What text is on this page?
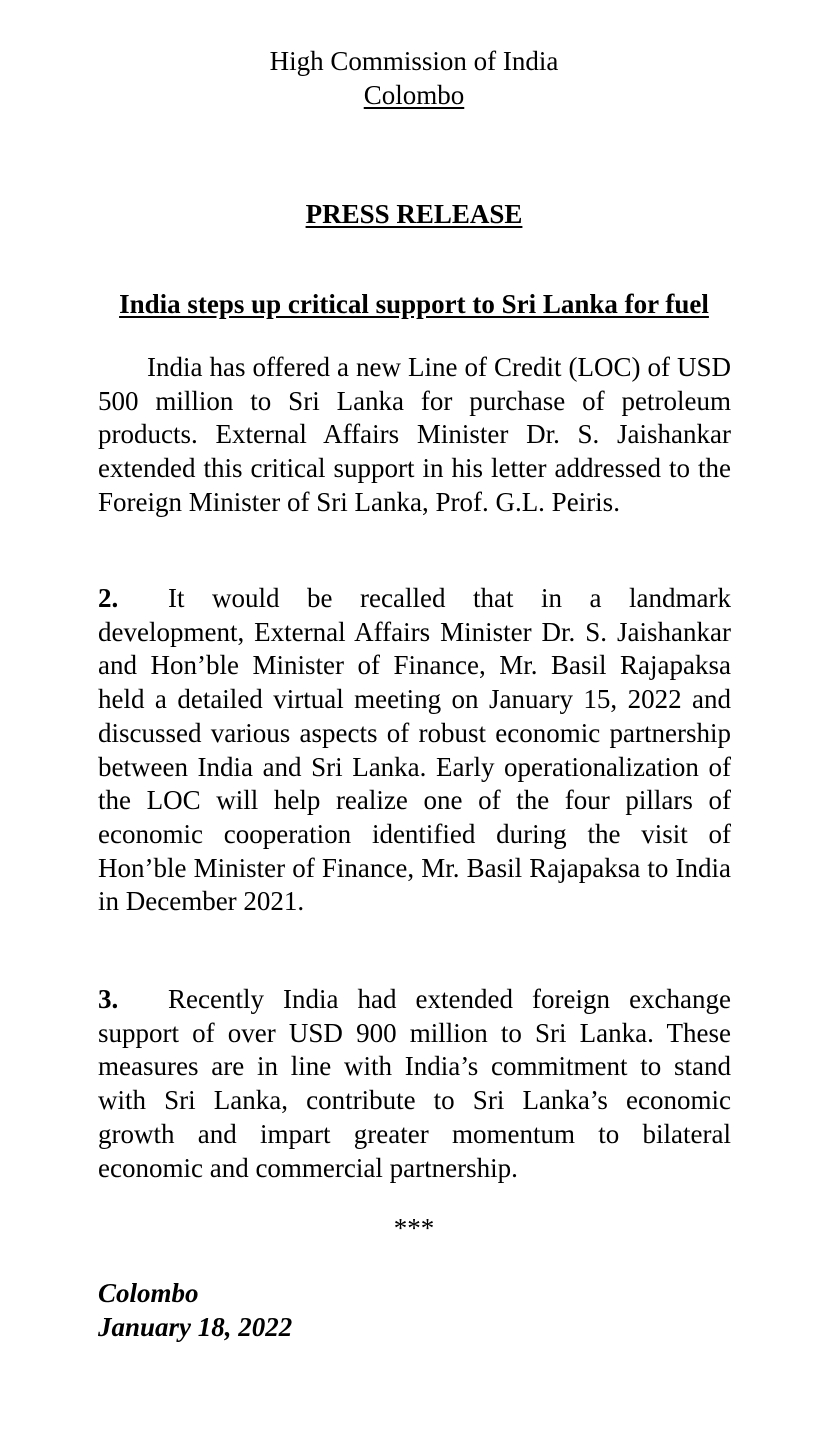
High Commission of India
Colombo
PRESS RELEASE
India steps up critical support to Sri Lanka for fuel
India has offered a new Line of Credit (LOC) of USD 500 million to Sri Lanka for purchase of petroleum products. External Affairs Minister Dr. S. Jaishankar extended this critical support in his letter addressed to the Foreign Minister of Sri Lanka, Prof. G.L. Peiris.
2. It would be recalled that in a landmark development, External Affairs Minister Dr. S. Jaishankar and Hon’ble Minister of Finance, Mr. Basil Rajapaksa held a detailed virtual meeting on January 15, 2022 and discussed various aspects of robust economic partnership between India and Sri Lanka. Early operationalization of the LOC will help realize one of the four pillars of economic cooperation identified during the visit of Hon’ble Minister of Finance, Mr. Basil Rajapaksa to India in December 2021.
3. Recently India had extended foreign exchange support of over USD 900 million to Sri Lanka. These measures are in line with India’s commitment to stand with Sri Lanka, contribute to Sri Lanka’s economic growth and impart greater momentum to bilateral economic and commercial partnership.
***
Colombo
January 18, 2022
